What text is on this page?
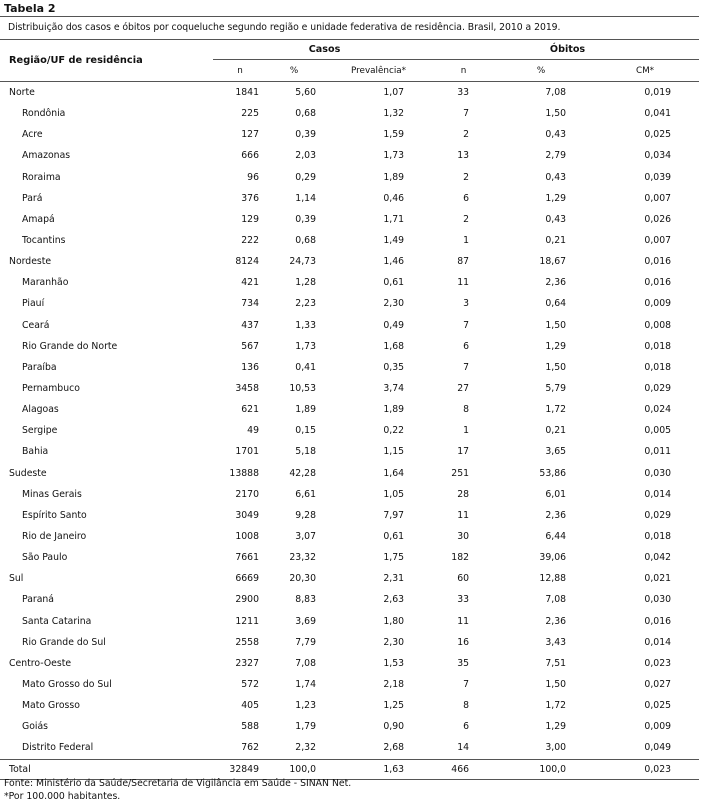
Tabela 2
Distribuição dos casos e óbitos por coqueluche segundo região e unidade federativa de residência. Brasil, 2010 a 2019.
Região/UF de residência	Casos			Óbitos		
	n	%	Prevalência*	n	%	CM*
Norte	1841	5,60	1,07	33	7,08	0,019
Rondônia	225	0,68	1,32	7	1,50	0,041
Acre	127	0,39	1,59	2	0,43	0,025
Amazonas	666	2,03	1,73	13	2,79	0,034
Roraima	96	0,29	1,89	2	0,43	0,039
Pará	376	1,14	0,46	6	1,29	0,007
Amapá	129	0,39	1,71	2	0,43	0,026
Tocantins	222	0,68	1,49	1	0,21	0,007
Nordeste	8124	24,73	1,46	87	18,67	0,016
Maranhão	421	1,28	0,61	11	2,36	0,016
Piauí	734	2,23	2,30	3	0,64	0,009
Ceará	437	1,33	0,49	7	1,50	0,008
Rio Grande do Norte	567	1,73	1,68	6	1,29	0,018
Paraíba	136	0,41	0,35	7	1,50	0,018
Pernambuco	3458	10,53	3,74	27	5,79	0,029
Alagoas	621	1,89	1,89	8	1,72	0,024
Sergipe	49	0,15	0,22	1	0,21	0,005
Bahia	1701	5,18	1,15	17	3,65	0,011
Sudeste	13888	42,28	1,64	251	53,86	0,030
Minas Gerais	2170	6,61	1,05	28	6,01	0,014
Espírito Santo	3049	9,28	7,97	11	2,36	0,029
Rio de Janeiro	1008	3,07	0,61	30	6,44	0,018
São Paulo	7661	23,32	1,75	182	39,06	0,042
Sul	6669	20,30	2,31	60	12,88	0,021
Paraná	2900	8,83	2,63	33	7,08	0,030
Santa Catarina	1211	3,69	1,80	11	2,36	0,016
Rio Grande do Sul	2558	7,79	2,30	16	3,43	0,014
Centro-Oeste	2327	7,08	1,53	35	7,51	0,023
Mato Grosso do Sul	572	1,74	2,18	7	1,50	0,027
Mato Grosso	405	1,23	1,25	8	1,72	0,025
Goiás	588	1,79	0,90	6	1,29	0,009
Distrito Federal	762	2,32	2,68	14	3,00	0,049
Total	32849	100,0	1,63	466	100,0	0,023
Fonte: Ministério da Saúde/Secretaria de Vigilância em Saúde - SINAN Net.
*Por 100.000 habitantes.
